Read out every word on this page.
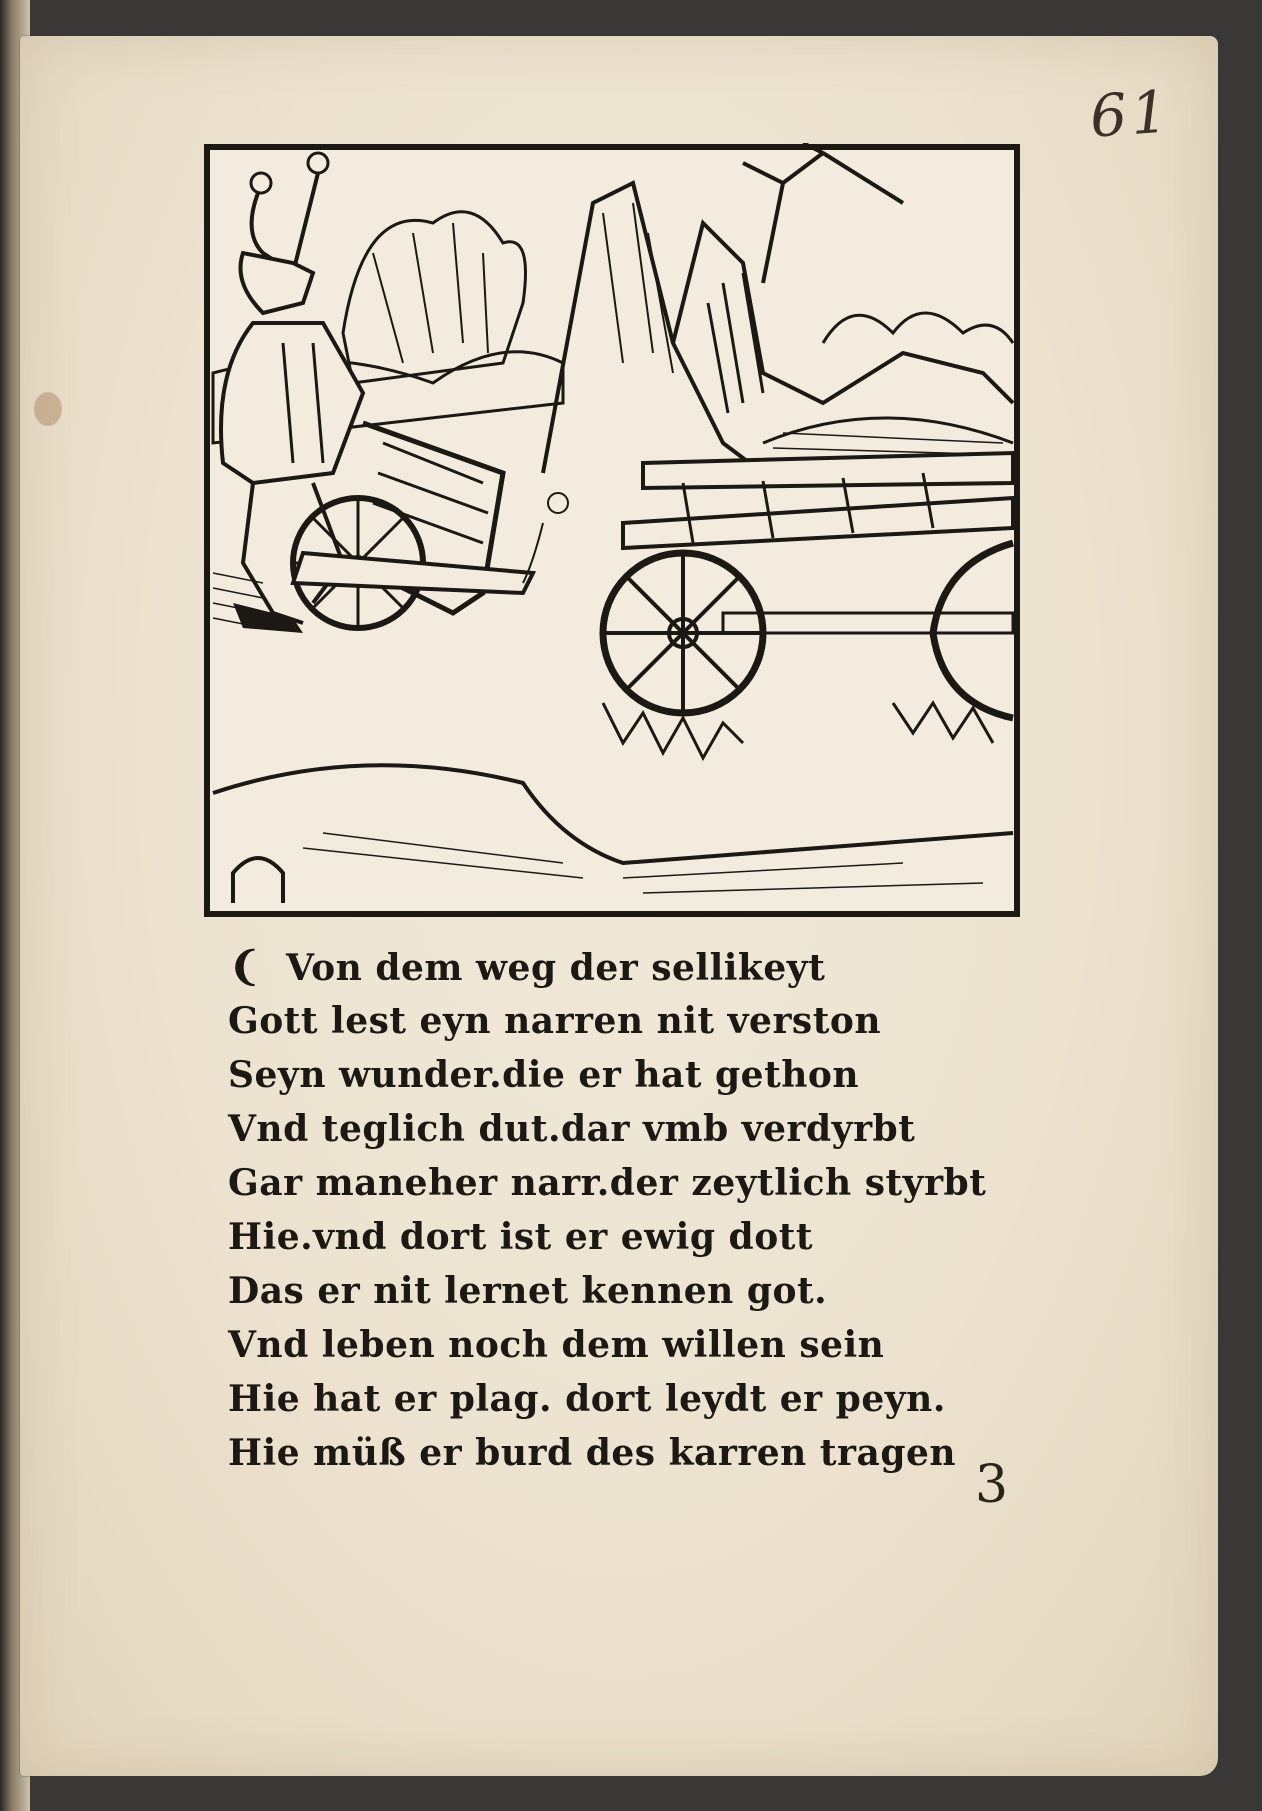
61
❨ Von dem weg der sellikeyt
Gott lest eyn narren nit verston
Seyn wunder.die er hat gethon
Vnd teglich dut.dar vmb verdyrbt
Gar maneher narr.der zeytlich styrbt
Hie.vnd dort ist er ewig dott
Das er nit lernet kennen got.
Vnd leben noch dem willen sein
Hie hat er plag. dort leydt er peyn.
Hie müß er burd des karren tragen
3
